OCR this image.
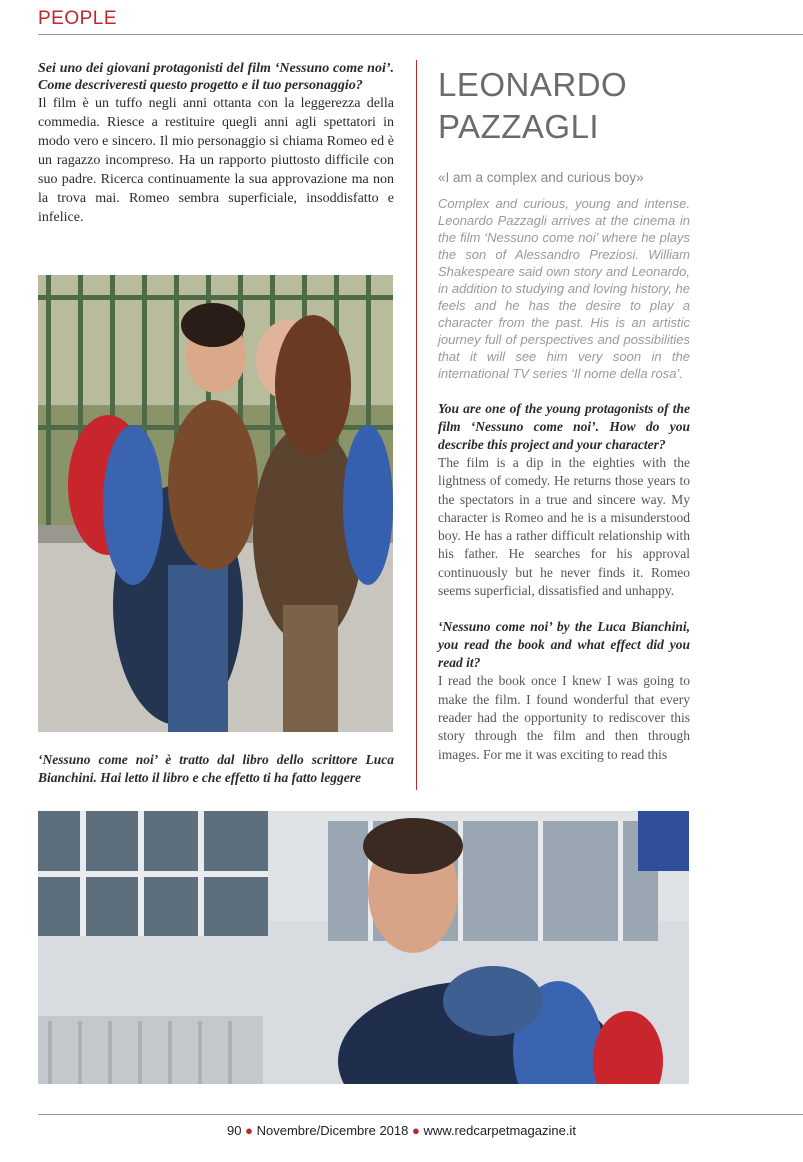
PEOPLE

Sei uno dei giovani protagonisti del film ‘Nessuno come noi’. Come descriveresti questo progetto e il tuo personaggio?

Il film è un tuffo negli anni ottanta con la leggerezza della commedia. Riesce a restituire quegli anni agli spettatori in modo vero e sincero. Il mio personaggio si chiama Romeo ed è un ragazzo incompreso. Ha un rapporto piuttosto difficile con suo padre. Ricerca continuamente la sua approvazione ma non la trova mai. Romeo sembra superficiale, insoddisfatto e infelice.

LEONARDO
PAZZAGLI

«I am a complex and curious boy»

Complex and curious, young and intense. Leonardo Pazzagli arrives at the cinema in the film ‘Nessuno come noi’ where he plays the son of Alessandro Preziosi. William Shakespeare said own story and Leonardo, in addition to studying and loving history, he feels and he has the desire to play a character from the past. His is an artistic journey full of perspectives and possibilities that it will see him very soon in the international TV series ‘Il nome della rosa’.

You are one of the young protagonists of the film ‘Nessuno come noi’. How do you describe this project and your character?

The film is a dip in the eighties with the lightness of comedy. He returns those years to the spectators in a true and sincere way. My character is Romeo and he is a misunderstood boy. He has a rather difficult relationship with his father. He searches for his approval continuously but he never finds it. Romeo seems superficial, dissatisfied and unhappy.

‘Nessuno come noi’ by the Luca Bianchini, you read the book and what effect did you read it?

I read the book once I knew I was going to make the film. I found wonderful that every reader had the opportunity to rediscover this story through the film and then through images. For me it was exciting to read this

‘Nessuno come noi’ è tratto dal libro dello scrittore Luca Bianchini. Hai letto il libro e che effetto ti ha fatto leggere

90 ● Novembre/Dicembre 2018 ● www.redcarpetmagazine.it
